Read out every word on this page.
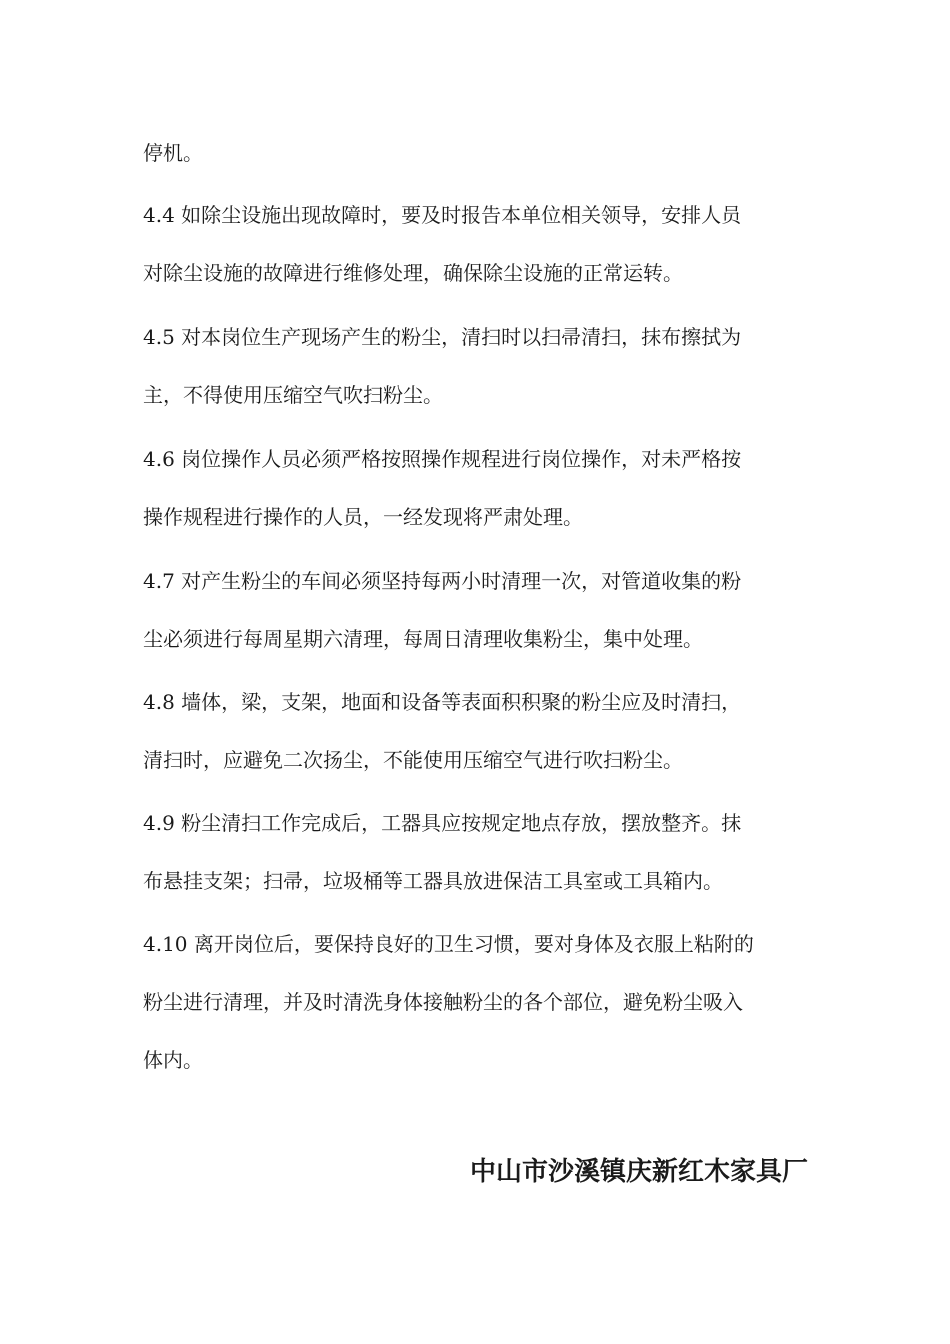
停机。

4.4 如除尘设施出现故障时，要及时报告本单位相关领导，安排人员
对除尘设施的故障进行维修处理，确保除尘设施的正常运转。

4.5 对本岗位生产现场产生的粉尘，清扫时以扫帚清扫，抹布擦拭为
主，不得使用压缩空气吹扫粉尘。

4.6 岗位操作人员必须严格按照操作规程进行岗位操作，对未严格按
操作规程进行操作的人员，一经发现将严肃处理。

4.7 对产生粉尘的车间必须坚持每两小时清理一次，对管道收集的粉
尘必须进行每周星期六清理，每周日清理收集粉尘，集中处理。

4.8 墙体，梁，支架，地面和设备等表面积积聚的粉尘应及时清扫，
清扫时，应避免二次扬尘，不能使用压缩空气进行吹扫粉尘。

4.9 粉尘清扫工作完成后，工器具应按规定地点存放，摆放整齐。抹
布悬挂支架；扫帚，垃圾桶等工器具放进保洁工具室或工具箱内。

4.10 离开岗位后，要保持良好的卫生习惯，要对身体及衣服上粘附的
粉尘进行清理，并及时清洗身体接触粉尘的各个部位，避免粉尘吸入
体内。

中山市沙溪镇庆新红木家具厂
